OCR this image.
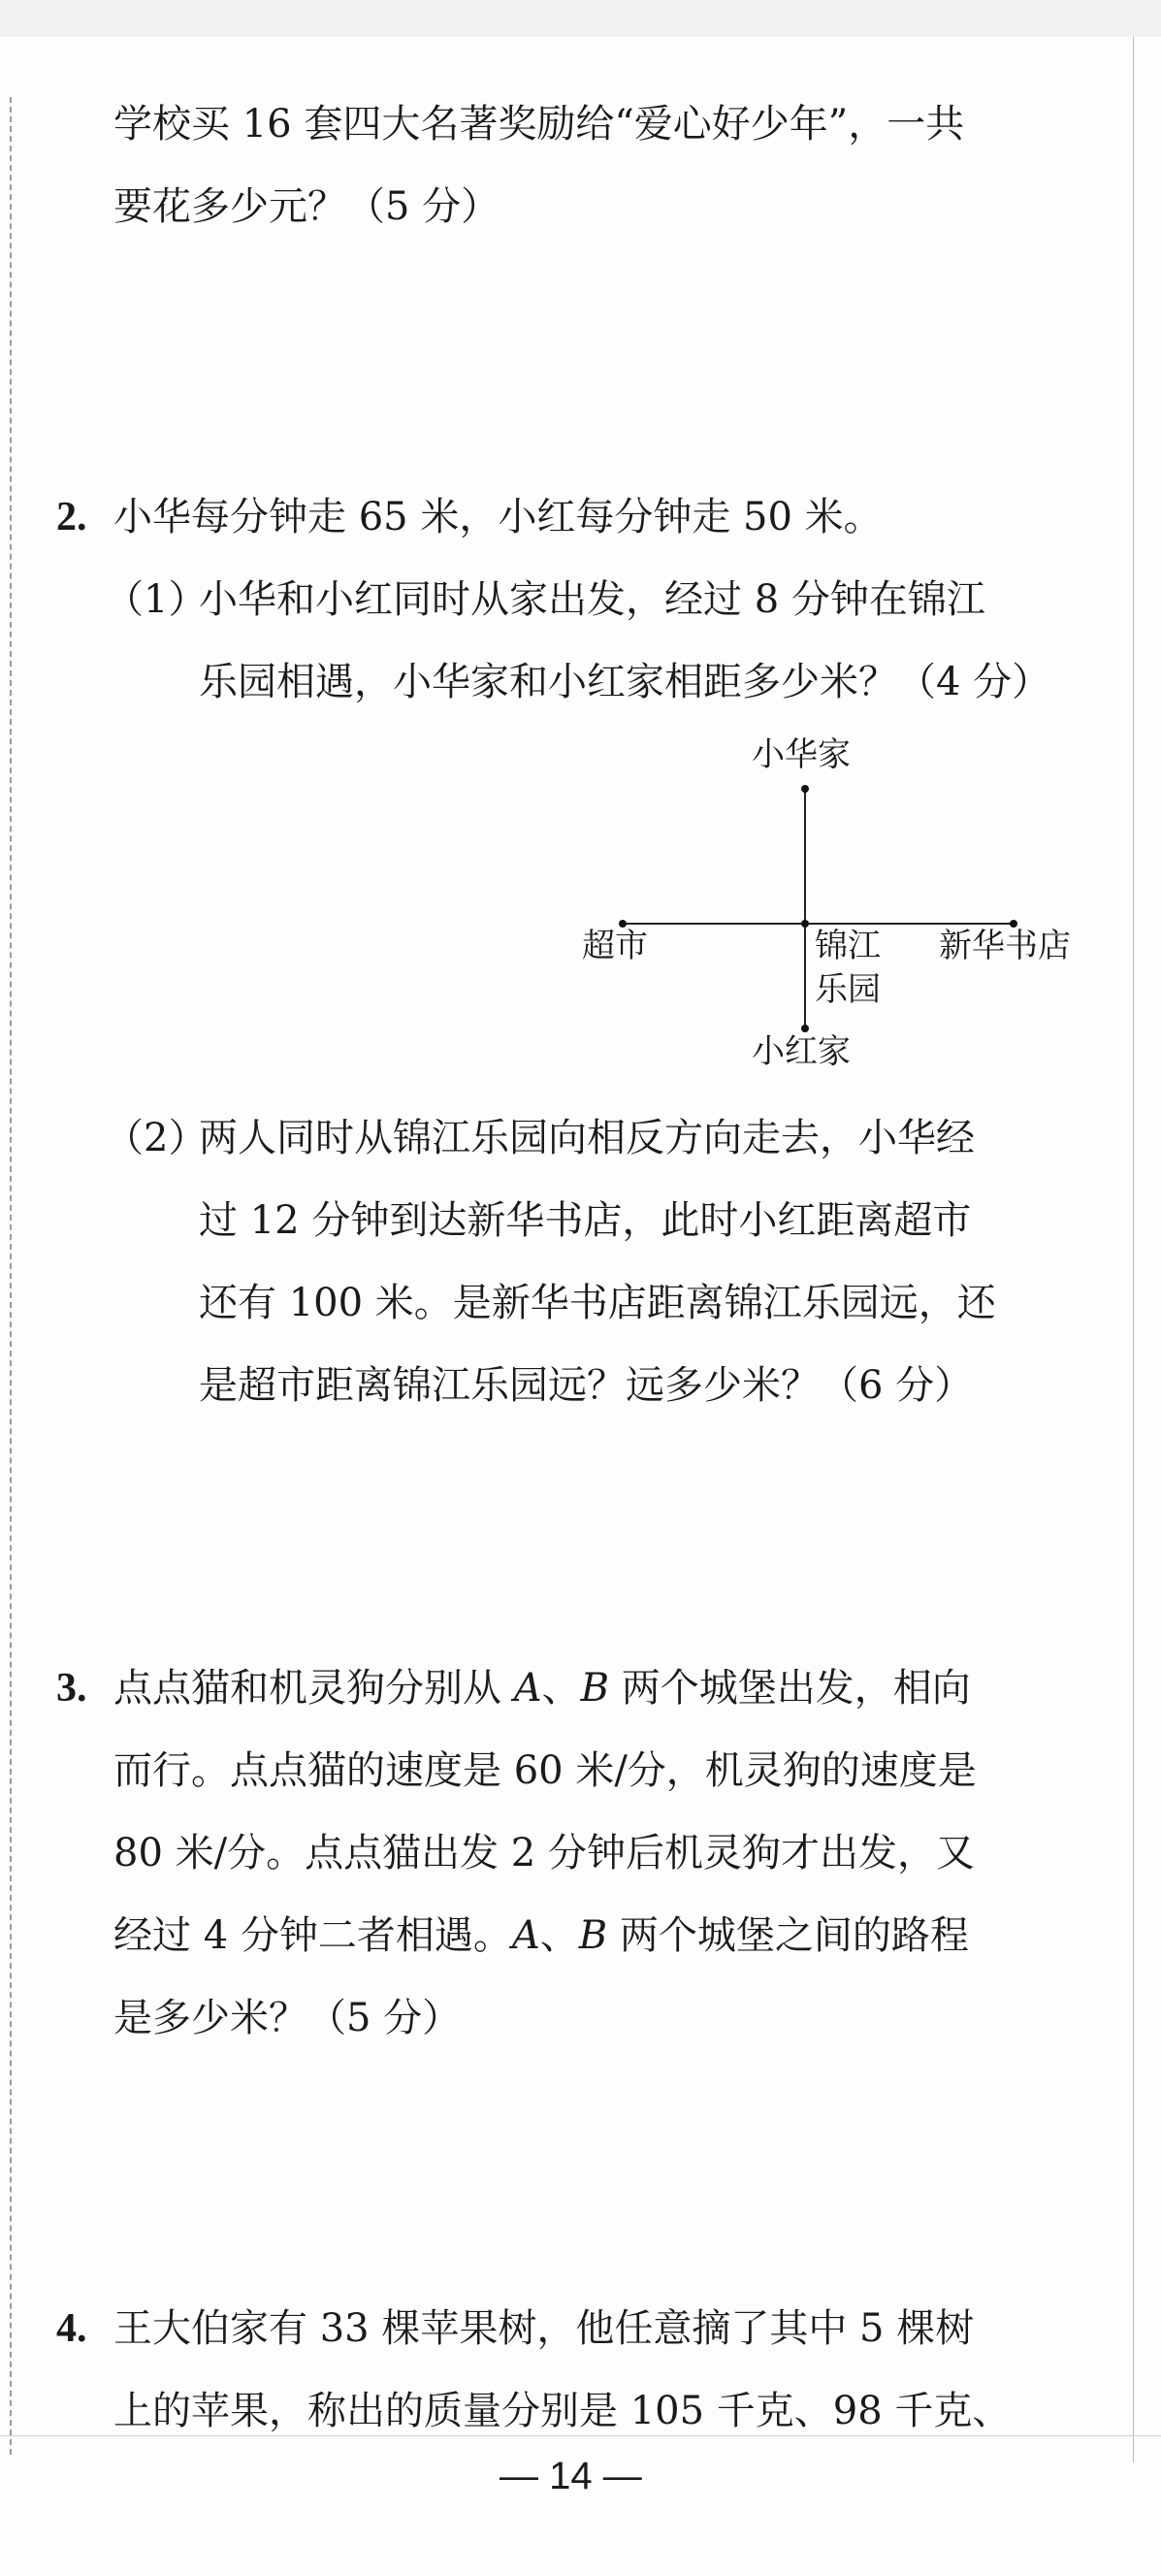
学校买 16 套四大名著奖励给“爱心好少年”，一共
要花多少元？（5 分）
2. 小华每分钟走 65 米，小红每分钟走 50 米。
（1）
小华和小红同时从家出发，经过 8 分钟在锦江
乐园相遇，小华家和小红家相距多少米？（4 分）
小华家
超市	锦江
乐园
新华书店
小红家
（2）
两人同时从锦江乐园向相反方向走去，小华经
过 12 分钟到达新华书店，此时小红距离超市
还有 100 米。是新华书店距离锦江乐园远，还
是超市距离锦江乐园远？远多少米？（6 分）
3. 点点猫和机灵狗分别从 A、B 两个城堡出发，相向
而行。点点猫的速度是 60 米/分，机灵狗的速度是
80 米/分。点点猫出发 2 分钟后机灵狗才出发，又
经过 4 分钟二者相遇。A、B 两个城堡之间的路程
是多少米？（5 分）
4. 王大伯家有 33 棵苹果树，他任意摘了其中 5 棵树
上的苹果，称出的质量分别是 105 千克、98 千克、
— 14 —
